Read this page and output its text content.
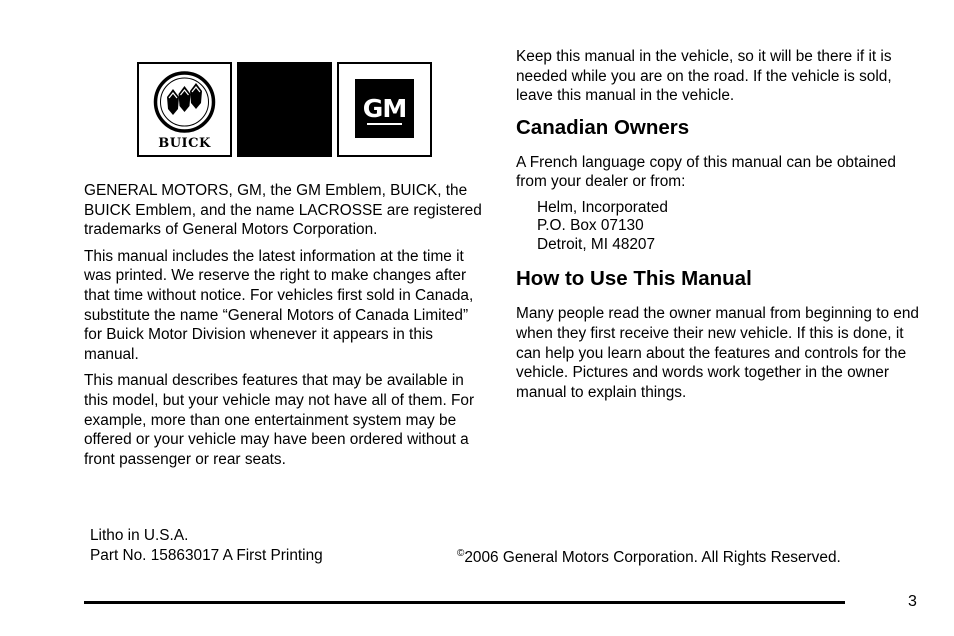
BUICK
GM

GENERAL MOTORS, GM, the GM Emblem, BUICK, the BUICK Emblem, and the name LACROSSE are registered trademarks of General Motors Corporation.

This manual includes the latest information at the time it was printed. We reserve the right to make changes after that time without notice. For vehicles first sold in Canada, substitute the name “General Motors of Canada Limited” for Buick Motor Division whenever it appears in this manual.

This manual describes features that may be available in this model, but your vehicle may not have all of them. For example, more than one entertainment system may be offered or your vehicle may have been ordered without a front passenger or rear seats.

Keep this manual in the vehicle, so it will be there if it is needed while you are on the road. If the vehicle is sold, leave this manual in the vehicle.

Canadian Owners

A French language copy of this manual can be obtained from your dealer or from:

Helm, Incorporated
P.O. Box 07130
Detroit, MI 48207
How to Use This Manual

Many people read the owner manual from beginning to end when they first receive their new vehicle. If this is done, it can help you learn about the features and controls for the vehicle. Pictures and words work together in the owner manual to explain things.

Litho in U.S.A.
Part No. 15863017 A First Printing	©2006 General Motors Corporation. All Rights Reserved.
3
